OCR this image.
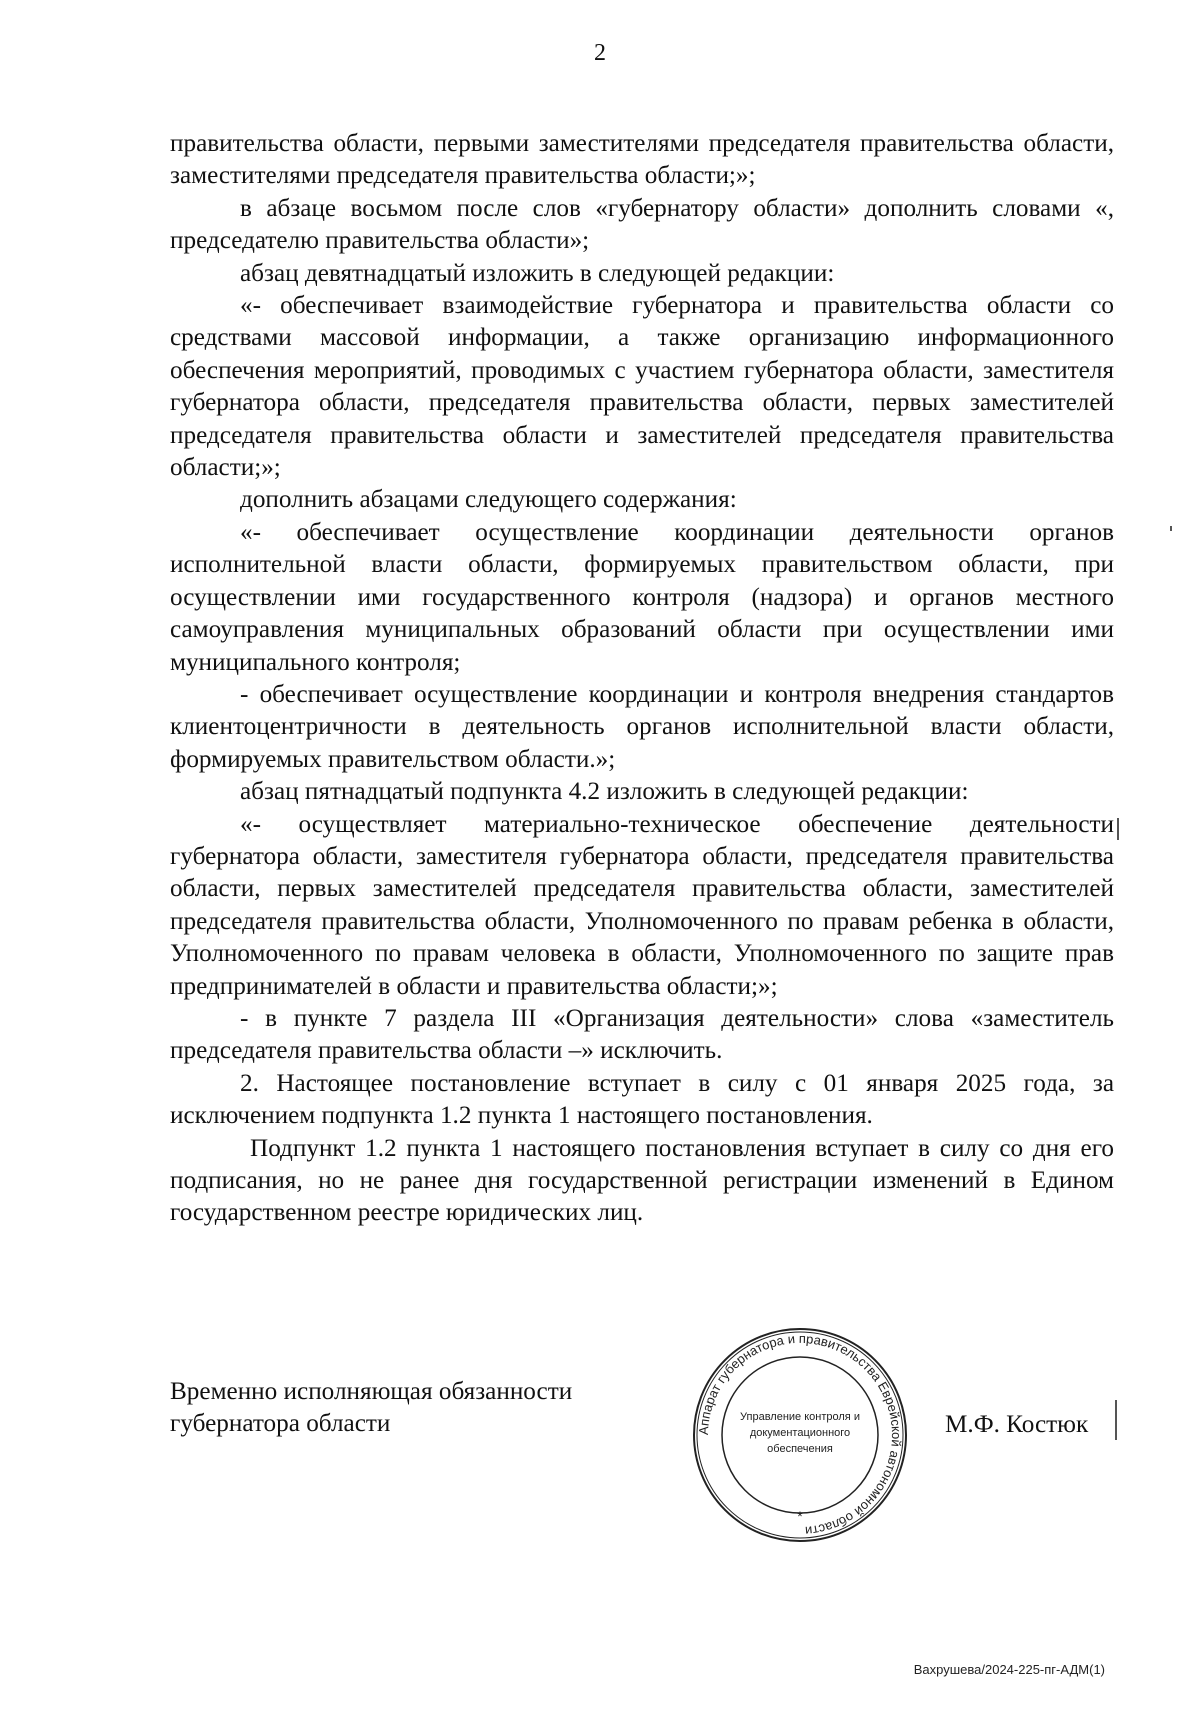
2

правительства области, первыми заместителями председателя правительства области, заместителями председателя правительства области;»;

в абзаце восьмом после слов «губернатору области» дополнить словами «, председателю правительства области»;

абзац девятнадцатый изложить в следующей редакции:

«- обеспечивает взаимодействие губернатора и правительства области со средствами массовой информации, а также организацию информационного обеспечения мероприятий, проводимых с участием губернатора области, заместителя губернатора области, председателя правительства области, первых заместителей председателя правительства области и заместителей председателя правительства области;»;

дополнить абзацами следующего содержания:

«- обеспечивает осуществление координации деятельности органов исполнительной власти области, формируемых правительством области, при осуществлении ими государственного контроля (надзора) и органов местного самоуправления муниципальных образований области при осуществлении ими муниципального контроля;

- обеспечивает осуществление координации и контроля внедрения стандартов клиентоцентричности в деятельность органов исполнительной власти области, формируемых правительством области.»;

абзац пятнадцатый подпункта 4.2 изложить в следующей редакции:

«- осуществляет материально-техническое обеспечение деятельности губернатора области, заместителя губернатора области, председателя правительства области, первых заместителей председателя правительства области, заместителей председателя правительства области, Уполномоченного по правам ребенка в области, Уполномоченного по правам человека в области, Уполномоченного по защите прав предпринимателей в области и правительства области;»;

- в пункте 7 раздела III «Организация деятельности» слова «заместитель председателя правительства области –» исключить.

2. Настоящее постановление вступает в силу с 01 января 2025 года, за исключением подпункта 1.2 пункта 1 настоящего постановления.

Подпункт 1.2 пункта 1 настоящего постановления вступает в силу со дня его подписания, но не ранее дня государственной регистрации изменений в Едином государственном реестре юридических лиц.

Временно исполняющая обязанности
губернатора области	М.Ф. Костюк
Аппарат губернатора и правительства Еврейской автономной области
Управление контроля и
документационного
обеспечения
*
Вахрушева/2024-225-пг-АДМ(1)
